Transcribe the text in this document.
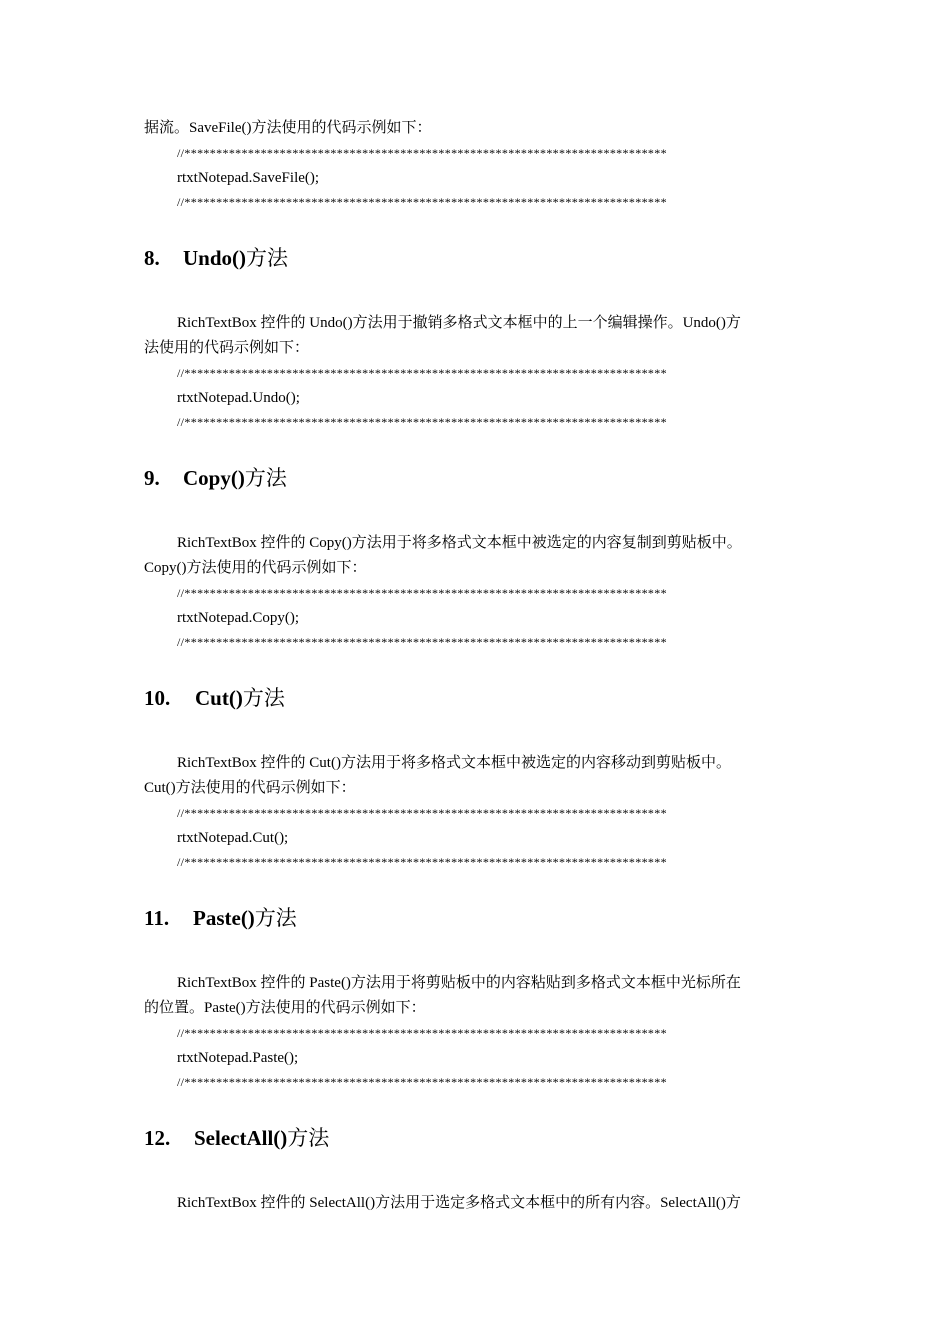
据流。SaveFile()方法使用的代码示例如下：
//****************************************************************************
rtxtNotepad.SaveFile();
//****************************************************************************
8. Undo()方法
RichTextBox 控件的 Undo()方法用于撤销多格式文本框中的上一个编辑操作。Undo()方
法使用的代码示例如下：
//****************************************************************************
rtxtNotepad.Undo();
//****************************************************************************
9. Copy()方法
RichTextBox 控件的 Copy()方法用于将多格式文本框中被选定的内容复制到剪贴板中。
Copy()方法使用的代码示例如下：
//****************************************************************************
rtxtNotepad.Copy();
//****************************************************************************
10. Cut()方法
RichTextBox 控件的 Cut()方法用于将多格式文本框中被选定的内容移动到剪贴板中。
Cut()方法使用的代码示例如下：
//****************************************************************************
rtxtNotepad.Cut();
//****************************************************************************
11. Paste()方法
RichTextBox 控件的 Paste()方法用于将剪贴板中的内容粘贴到多格式文本框中光标所在
的位置。Paste()方法使用的代码示例如下：
//****************************************************************************
rtxtNotepad.Paste();
//****************************************************************************
12. SelectAll()方法
RichTextBox 控件的 SelectAll()方法用于选定多格式文本框中的所有内容。SelectAll()方
